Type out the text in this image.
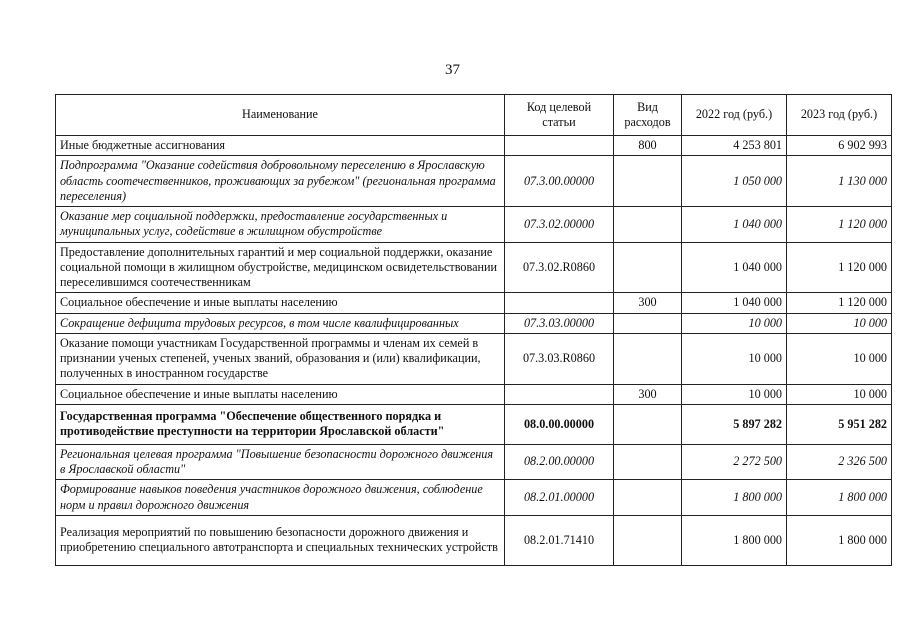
37
Наименование	Код целевой статьи	Вид расходов	2022 год (руб.)	2023 год (руб.)
Иные бюджетные ассигнования		800	4 253 801	6 902 993
Подпрограмма "Оказание содействия добровольному переселению в Ярославскую область соотечественников, проживающих за рубежом" (региональная программа переселения)	07.3.00.00000		1 050 000	1 130 000
Оказание мер социальной поддержки, предоставление государственных и муниципальных услуг, содействие в жилищном обустройстве	07.3.02.00000		1 040 000	1 120 000
Предоставление дополнительных гарантий и мер социальной поддержки, оказание социальной помощи в жилищном обустройстве, медицинском освидетельствовании переселившимся соотечественникам	07.3.02.R0860		1 040 000	1 120 000
Социальное обеспечение и иные выплаты населению		300	1 040 000	1 120 000
Сокращение дефицита трудовых ресурсов, в том числе квалифицированных	07.3.03.00000		10 000	10 000
Оказание помощи участникам Государственной программы и членам их семей в признании ученых степеней, ученых званий, образования и (или) квалификации, полученных в иностранном государстве	07.3.03.R0860		10 000	10 000
Социальное обеспечение и иные выплаты населению		300	10 000	10 000
Государственная программа "Обеспечение общественного порядка и противодействие преступности на территории Ярославской области"	08.0.00.00000		5 897 282	5 951 282
Региональная целевая программа "Повышение безопасности дорожного движения в Ярославской области"	08.2.00.00000		2 272 500	2 326 500
Формирование навыков поведения участников дорожного движения, соблюдение норм и правил дорожного движения	08.2.01.00000		1 800 000	1 800 000
Реализация мероприятий по повышению безопасности дорожного движения и приобретению специального автотранспорта и специальных технических устройств	08.2.01.71410		1 800 000	1 800 000
